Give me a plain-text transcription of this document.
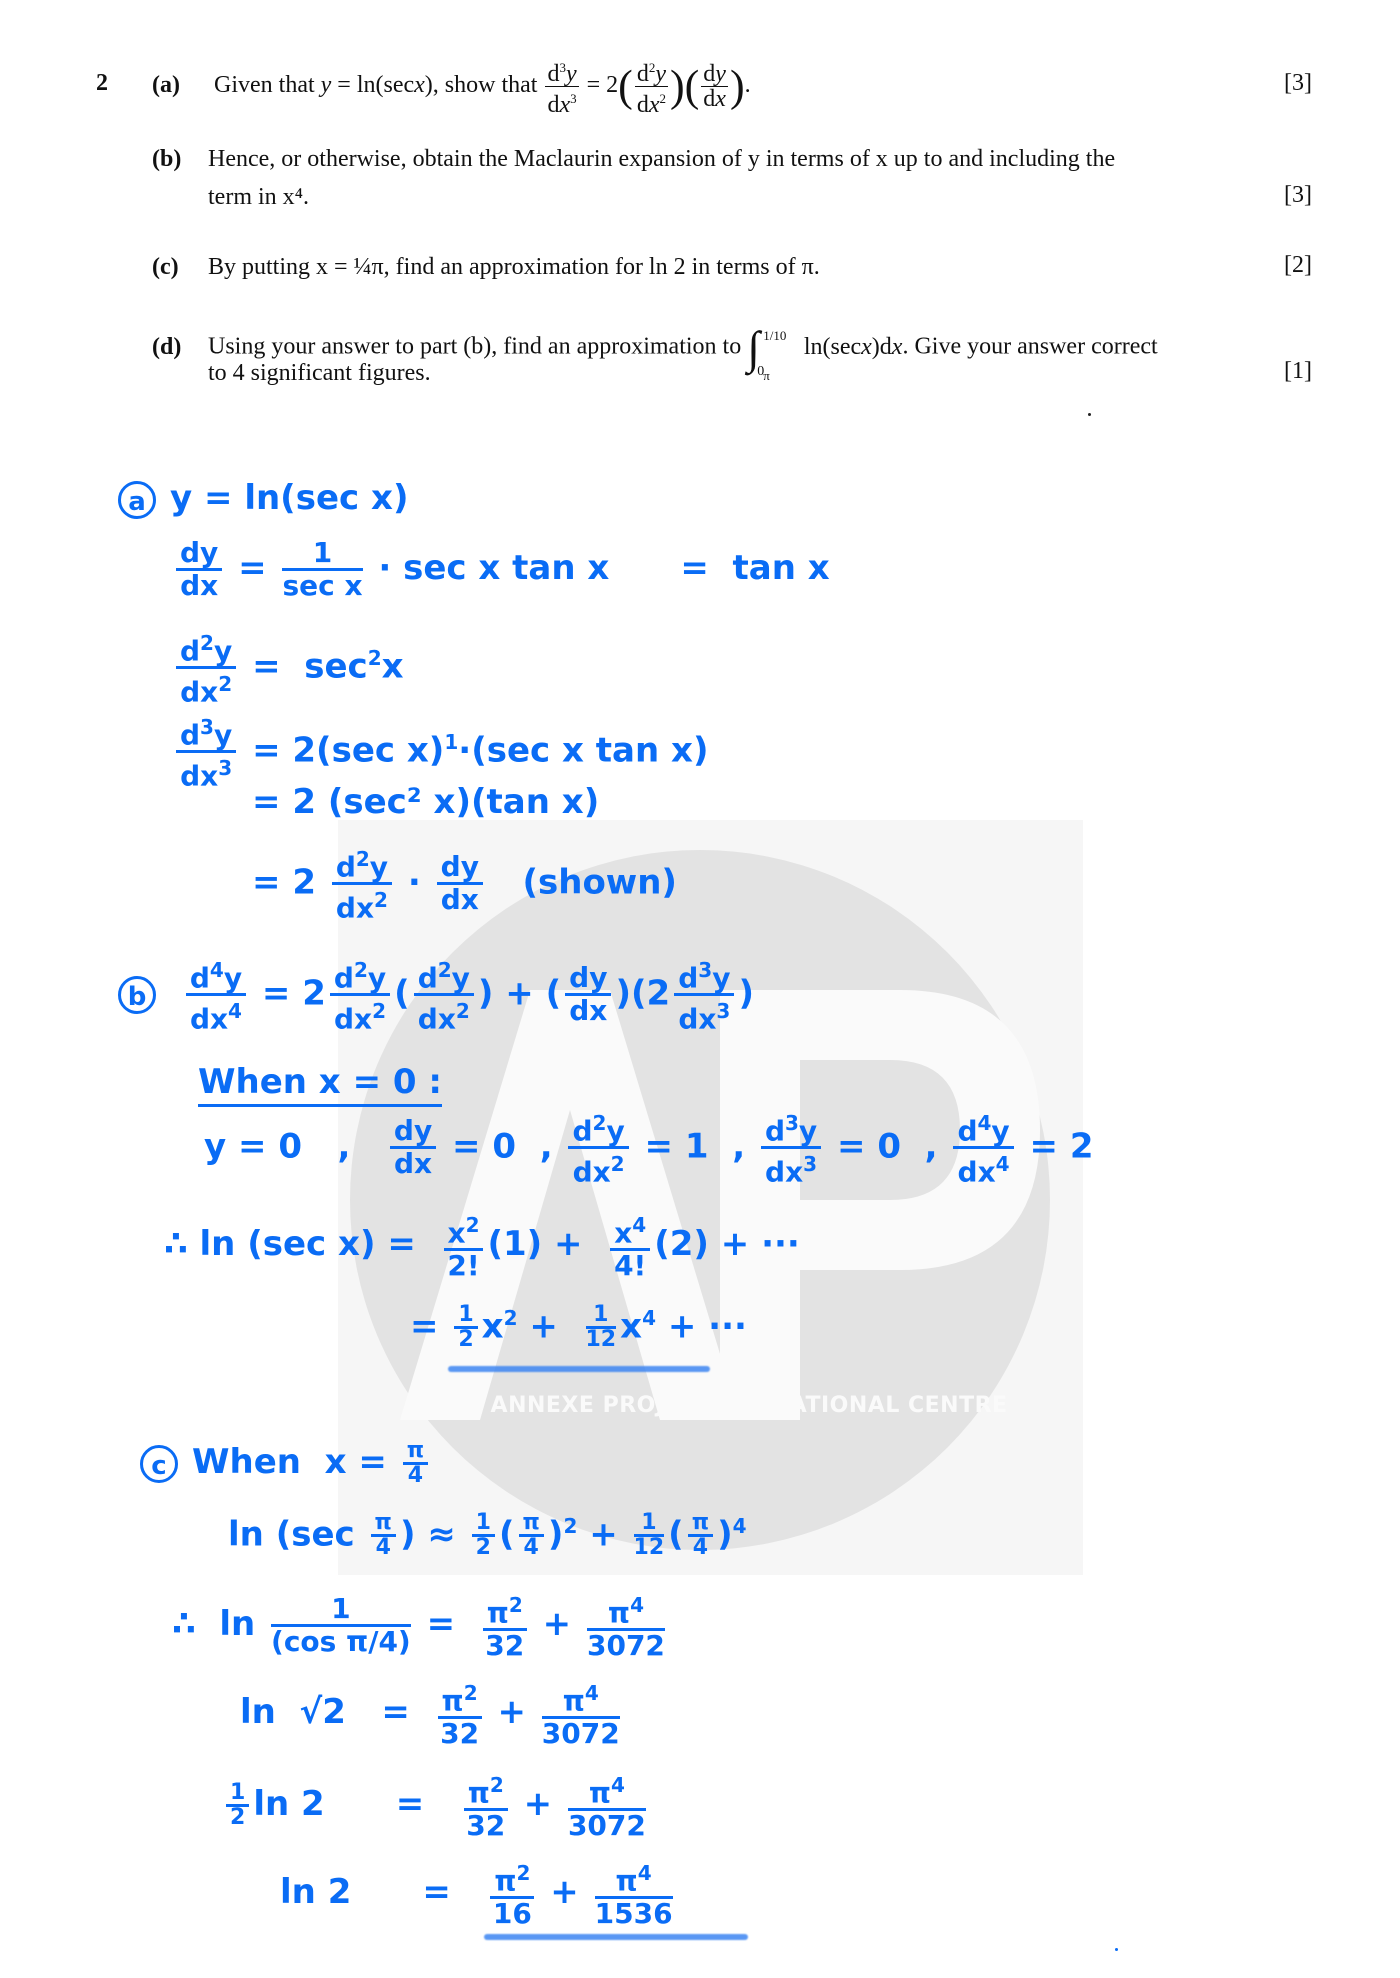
THE ANNEXE PROJECT EDUCATIONAL CENTRE
2 (a) Given that y = ln(secx), show that $\frac{d^3y}{dx^3} = 2( \frac{d^2y}{dx^2}$ )( $\frac{dy}{dx}$ ).	[3]
(b) Hence, or otherwise, obtain the Maclaurin expansion of y in terms of x up to and including the
term in x⁴.	[3]
(c) By putting x = ¼π, find an approximation for ln 2 in terms of π.	[2]
(d) Using your answer to part (b), find an approximation to ∫ 1/10 π
0
ln(secx)dx. Give your answer correct
to 4 significant figures.	[1]
a y = ln(sec x)
$\frac{dy}{dx}$ =	1
sec x · sec x tan x      =  tan x
$\frac{d^2y}{dx^2} = \sec^2x$
$\frac{d^3y}{dx^3} = 2(\sec$ x)$^1$·(sec x tan x)
= 2 (sec² x)(tan x)
= $2 \frac{d^2y}{dx^2} \cdot \frac{dy}{dx}$ (shown)
b $\frac{d^4y}{dx^4} = 2 \frac{d^2y}{dx^2}$ ( $\frac{d^2y}{dx^2}$ ) + ( $\frac{dy}{dx} )(2 \frac{d^3y}{dx^3}$ )
When x = 0 :
y = 0   , $\frac{dy}{dx} = 0$  , $\frac{d^2y}{dx^2} = 1$  , $\frac{d^3y}{dx^3} = 0$  , $\frac{d^4y}{dx^4} = 2$
∴ ln (sec $x) = \frac{x^2}{2!} (1) + \frac{x^4}{4!} (2)$ + ···
= $\frac{1}{2} x^2 + \frac{1}{12} x^4$ + ···
c When  $x = \frac{\pi}{4}$
$\ln (\sec \frac{\pi}{4}$ ) ≈ $\frac{1}{2}$ ( $\frac{\pi}{4} )^2 + \frac{1}{12}$ ( $\frac{\pi}{4} )^4$
∴  $\ln \frac{1}{\text{(cos π/4)}} = \frac{\pi^2}{32} + \frac{\pi^4}{3072}$
$\ln √2 = \frac{\pi^2}{32} + \frac{\pi^4}{3072}$
$\frac{1}{2}$ ln 2      = $\frac{\pi^2}{32} + \frac{\pi^4}{3072}$
ln 2      = $\frac{\pi^2}{16} + \frac{\pi^4}{1536}$
